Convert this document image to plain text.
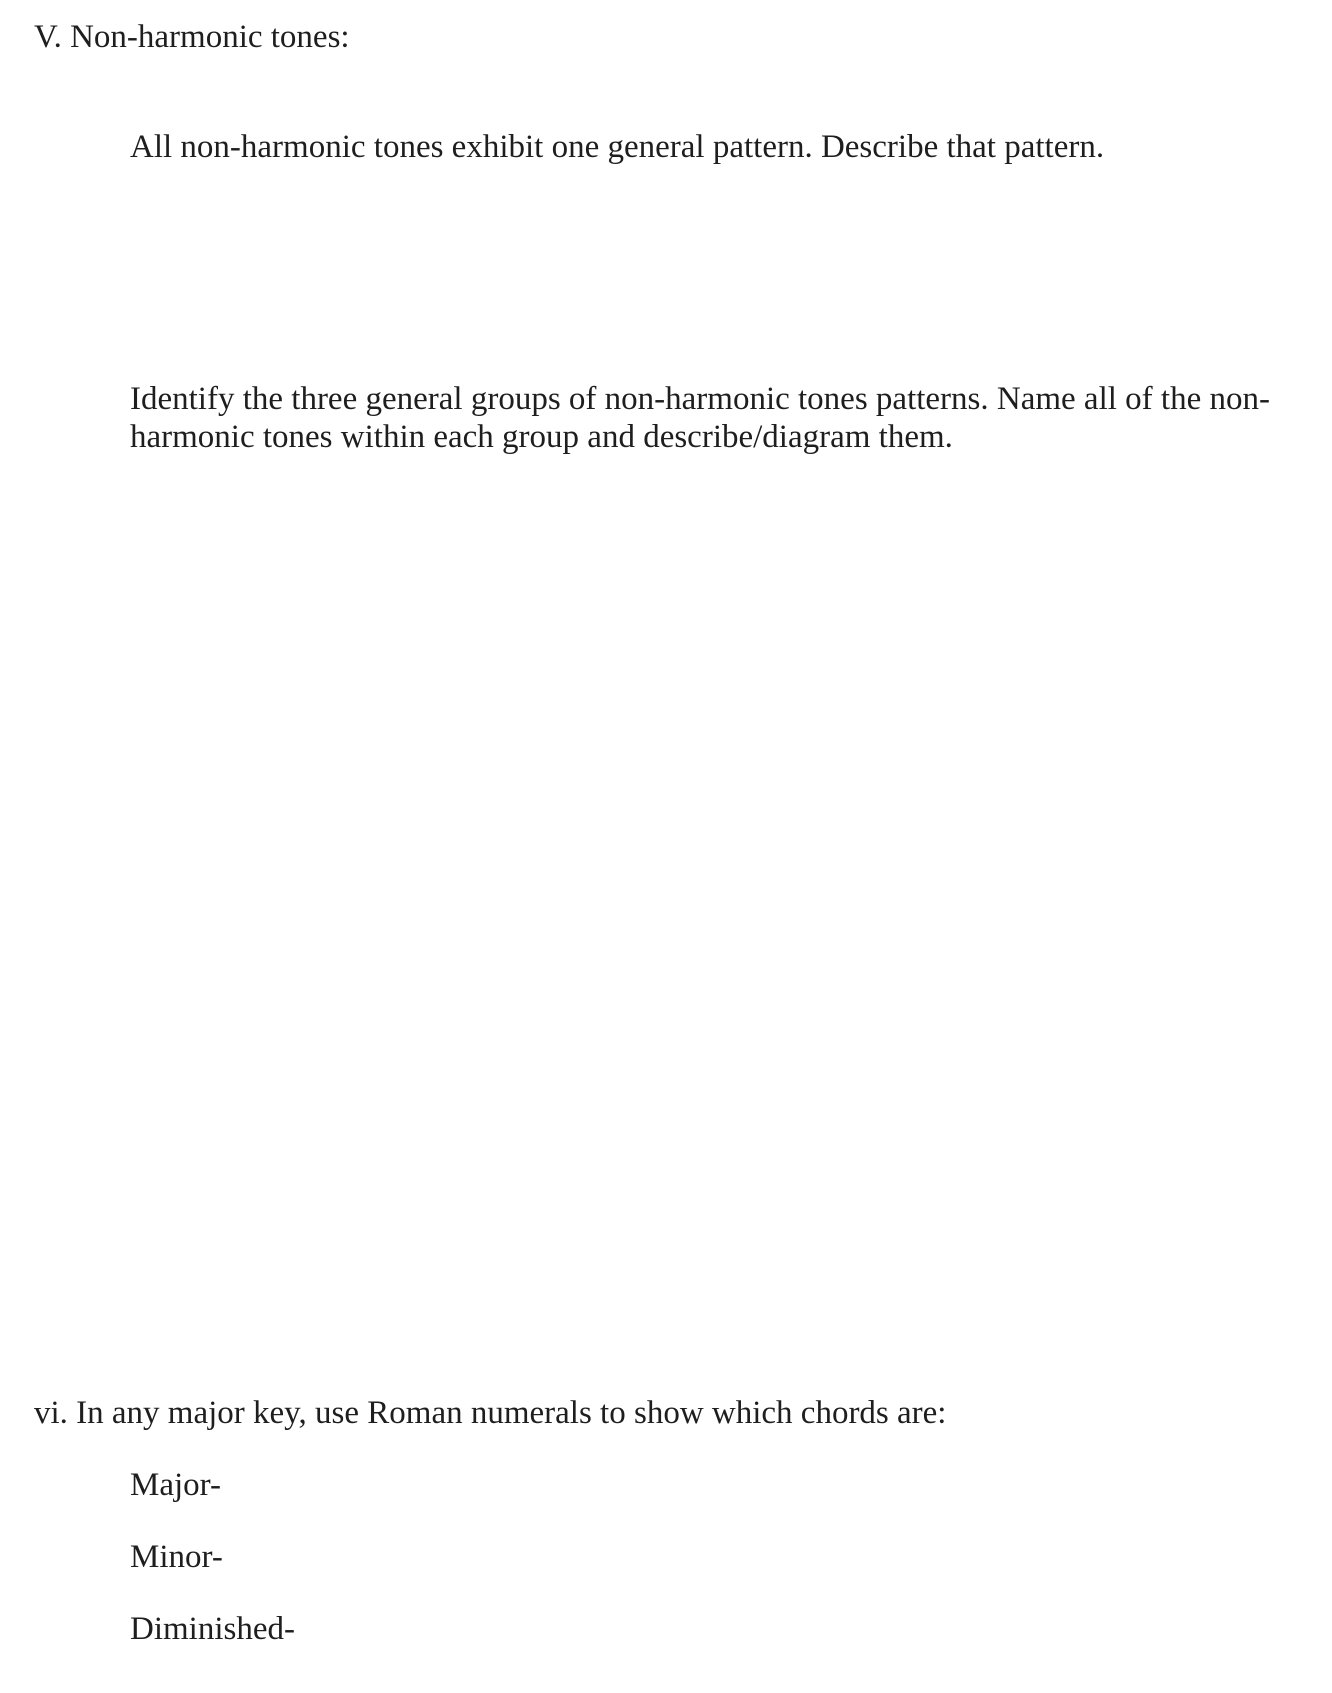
V. Non-harmonic tones:
All non-harmonic tones exhibit one general pattern. Describe that pattern.
Identify the three general groups of non-harmonic tones patterns. Name all of the non-harmonic tones within each group and describe/diagram them.
vi. In any major key, use Roman numerals to show which chords are:
Major-
Minor-
Diminished-
